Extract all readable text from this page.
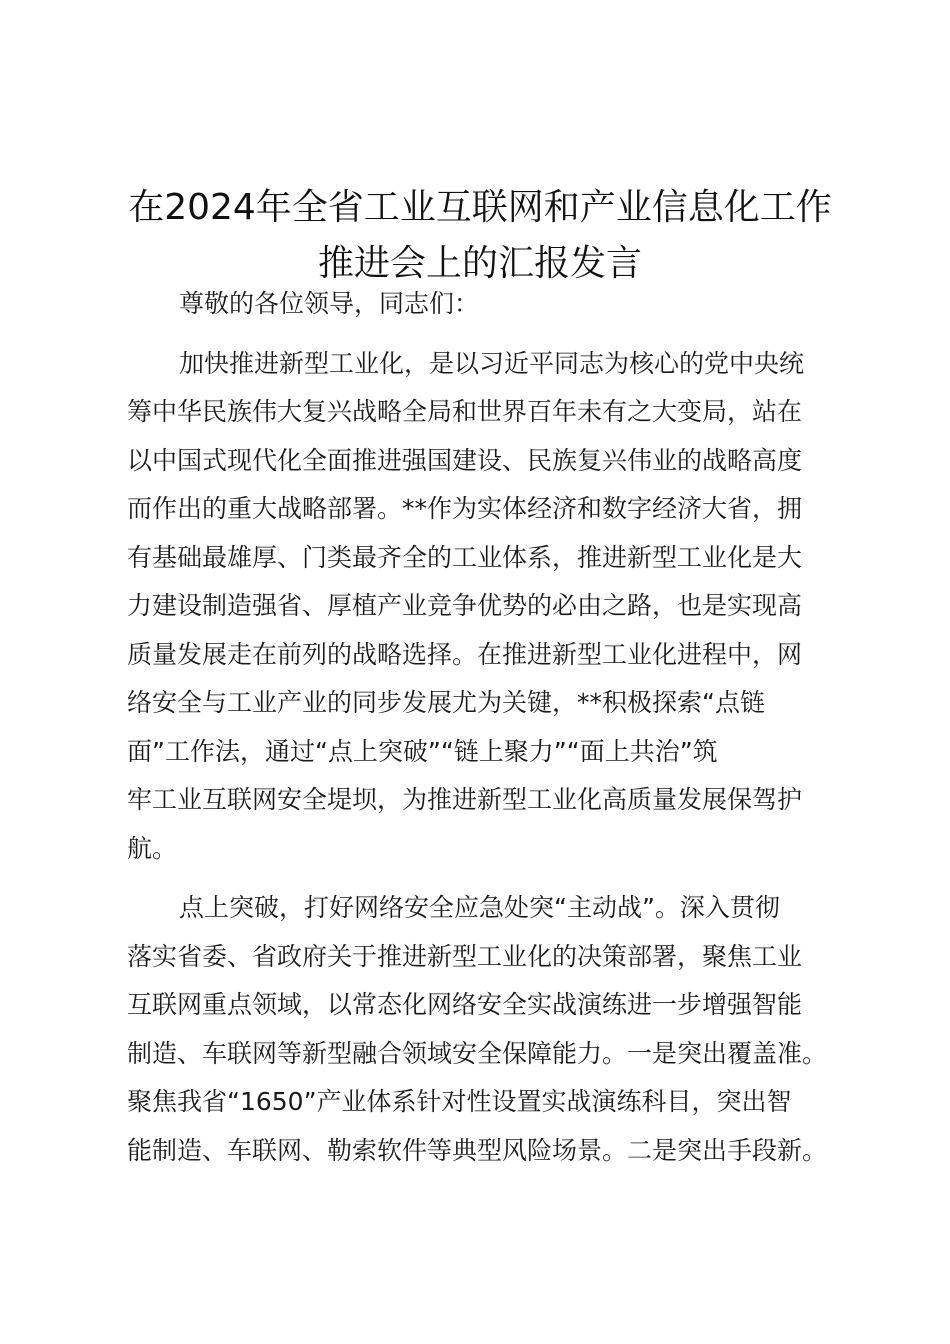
在2024年全省工业互联网和产业信息化工作
推进会上的汇报发言
尊敬的各位领导，同志们：
加快推进新型工业化，是以习近平同志为核心的党中央统
筹中华民族伟大复兴战略全局和世界百年未有之大变局，站在
以中国式现代化全面推进强国建设、民族复兴伟业的战略高度
而作出的重大战略部署。**作为实体经济和数字经济大省，拥
有基础最雄厚、门类最齐全的工业体系，推进新型工业化是大
力建设制造强省、厚植产业竞争优势的必由之路，也是实现高
质量发展走在前列的战略选择。在推进新型工业化进程中，网
络安全与工业产业的同步发展尤为关键，**积极探索“点链
面”工作法，通过“点上突破”“链上聚力”“面上共治”筑
牢工业互联网安全堤坝，为推进新型工业化高质量发展保驾护
航。
点上突破，打好网络安全应急处突“主动战”。深入贯彻
落实省委、省政府关于推进新型工业化的决策部署，聚焦工业
互联网重点领域，以常态化网络安全实战演练进一步增强智能
制造、车联网等新型融合领域安全保障能力。一是突出覆盖准。
聚焦我省“1650”产业体系针对性设置实战演练科目，突出智
能制造、车联网、勒索软件等典型风险场景。二是突出手段新。
